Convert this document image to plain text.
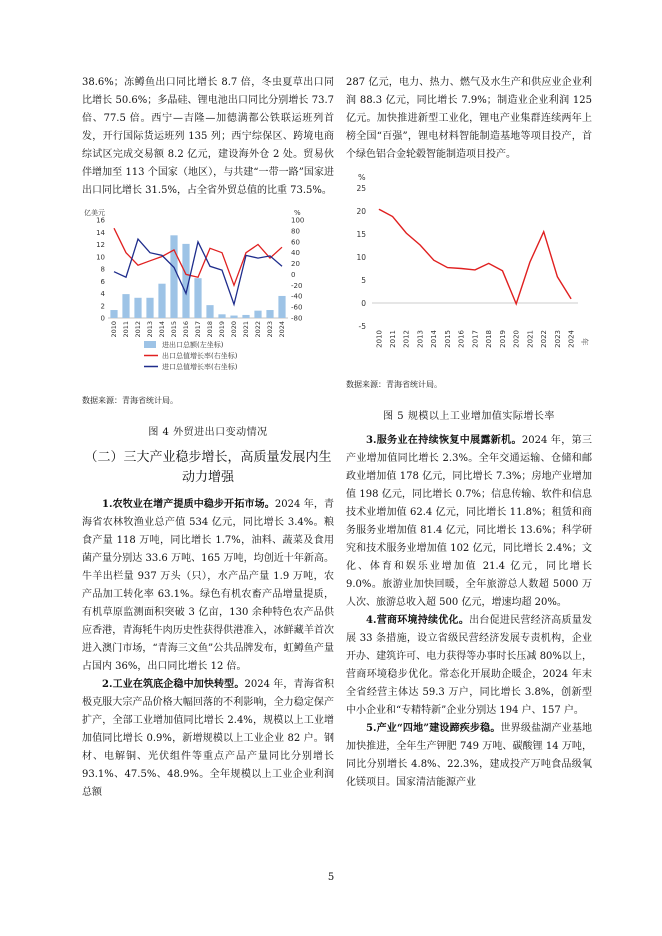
38.6%；冻鳟鱼出口同比增长 8.7 倍，冬虫夏草出口同比增长 50.6%；多晶硅、锂电池出口同比分别增长 73.7 倍、77.5 倍。西宁—吉隆—加德满都公铁联运班列首发，开行国际货运班列 135 列；西宁综保区、跨境电商综试区完成交易额 8.2 亿元，建设海外仓 2 处。贸易伙伴增加至 113 个国家（地区），与共建“一带一路”国家进出口同比增长 31.5%，占全省外贸总值的比重 73.5%。

亿美元	%
0
2
4
6
8
10
12
14
16
-80
-60
-40
-20
0
20
40
60
80
100
2010 2011 2012 2013 2014 2015 2016 2017 2018 2019 2020 2021 2022 2023 2024
进出口总额(左坐标)
出口总值增长率(右坐标)
进口总值增长率(右坐标)

数据来源：青海省统计局。

图 4 外贸进出口变动情况

（二）三大产业稳步增长，高质量发展内生动力增强

1.农牧业在增产提质中稳步开拓市场。2024 年，青海省农林牧渔业总产值 534 亿元，同比增长 3.4%。粮食产量 118 万吨，同比增长 1.7%，油料、蔬菜及食用菌产量分别达 33.6 万吨、165 万吨，均创近十年新高。牛羊出栏量 937 万头（只），水产品产量 1.9 万吨，农产品加工转化率 63.1%。绿色有机农畜产品增量提质，有机草原监测面积突破 3 亿亩，130 余种特色农产品供应香港，青海牦牛肉历史性获得供港准入，冰鲜藏羊首次进入澳门市场，“青海三文鱼”公共品牌发布，虹鳟鱼产量占国内 36%，出口同比增长 12 倍。

2.工业在筑底企稳中加快转型。2024 年，青海省积极克服大宗产品价格大幅回落的不利影响，全力稳定保产扩产，全部工业增加值同比增长 2.4%，规模以上工业增加值同比增长 0.9%，新增规模以上工业企业 82 户。钢材、电解铜、光伏组件等重点产品产量同比分别增长 93.1%、47.5%、48.9%。全年规模以上工业企业利润总额

287 亿元，电力、热力、燃气及水生产和供应业企业利润 88.3 亿元，同比增长 7.9%；制造业企业利润 125 亿元。加快推进新型工业化，锂电产业集群连续两年上榜全国“百强”，锂电材料智能制造基地等项目投产，首个绿色铝合金轮毂智能制造项目投产。

%
-5
0
5
10
15
20
25
2010 2011 2012 2013 2014 2015 2016 2017 2018 2019 2020 2021 2022 2023 2024 年

数据来源：青海省统计局。

图 5 规模以上工业增加值实际增长率

3.服务业在持续恢复中展露新机。2024 年，第三产业增加值同比增长 2.3%。全年交通运输、仓储和邮政业增加值 178 亿元，同比增长 7.3%；房地产业增加值 198 亿元，同比增长 0.7%；信息传输、软件和信息技术业增加值 62.4 亿元，同比增长 11.8%；租赁和商务服务业增加值 81.4 亿元，同比增长 13.6%；科学研究和技术服务业增加值 102 亿元，同比增长 2.4%；文化、体育和娱乐业增加值 21.4 亿元，同比增长 9.0%。旅游业加快回暖，全年旅游总人数超 5000 万人次、旅游总收入超 500 亿元，增速均超 20%。

4.营商环境持续优化。出台促进民营经济高质量发展 33 条措施，设立省级民营经济发展专责机构，企业开办、建筑许可、电力获得等办事时长压减 80%以上，营商环境稳步优化。常态化开展助企暖企，2024 年末全省经营主体达 59.3 万户，同比增长 3.8%，创新型中小企业和“专精特新”企业分别达 194 户、157 户。

5.产业“四地”建设蹄疾步稳。世界级盐湖产业基地加快推进，全年生产钾肥 749 万吨、碳酸锂 14 万吨，同比分别增长 4.8%、22.3%，建成投产万吨食品级氧化镁项目。国家清洁能源产业

5
